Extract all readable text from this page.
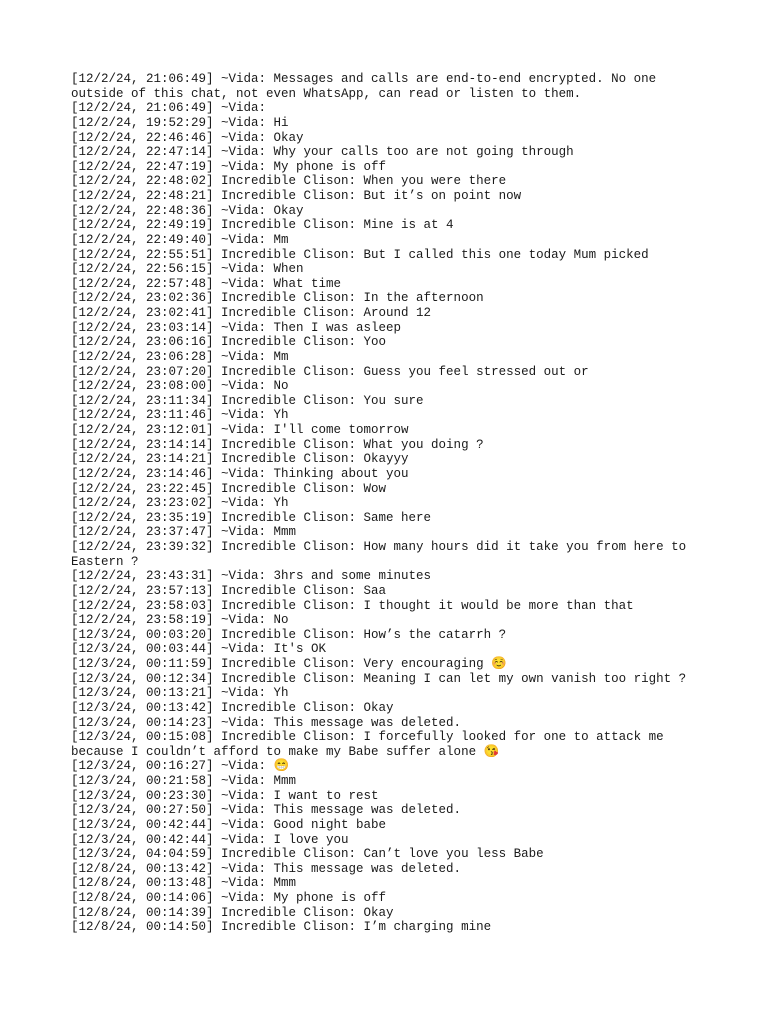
[12/2/24, 21:06:49] ~Vida: Messages and calls are end-to-end encrypted. No one outside of this chat, not even WhatsApp, can read or listen to them.
[12/2/24, 21:06:49] ~Vida:
[12/2/24, 19:52:29] ~Vida: Hi
[12/2/24, 22:46:46] ~Vida: Okay
[12/2/24, 22:47:14] ~Vida: Why your calls too are not going through
[12/2/24, 22:47:19] ~Vida: My phone is off
[12/2/24, 22:48:02] Incredible Clison: When you were there
[12/2/24, 22:48:21] Incredible Clison: But it’s on point now
[12/2/24, 22:48:36] ~Vida: Okay
[12/2/24, 22:49:19] Incredible Clison: Mine is at 4
[12/2/24, 22:49:40] ~Vida: Mm
[12/2/24, 22:55:51] Incredible Clison: But I called this one today Mum picked
[12/2/24, 22:56:15] ~Vida: When
[12/2/24, 22:57:48] ~Vida: What time
[12/2/24, 23:02:36] Incredible Clison: In the afternoon
[12/2/24, 23:02:41] Incredible Clison: Around 12
[12/2/24, 23:03:14] ~Vida: Then I was asleep
[12/2/24, 23:06:16] Incredible Clison: Yoo
[12/2/24, 23:06:28] ~Vida: Mm
[12/2/24, 23:07:20] Incredible Clison: Guess you feel stressed out or
[12/2/24, 23:08:00] ~Vida: No
[12/2/24, 23:11:34] Incredible Clison: You sure
[12/2/24, 23:11:46] ~Vida: Yh
[12/2/24, 23:12:01] ~Vida: I'll come tomorrow
[12/2/24, 23:14:14] Incredible Clison: What you doing ?
[12/2/24, 23:14:21] Incredible Clison: Okayyy
[12/2/24, 23:14:46] ~Vida: Thinking about you
[12/2/24, 23:22:45] Incredible Clison: Wow
[12/2/24, 23:23:02] ~Vida: Yh
[12/2/24, 23:35:19] Incredible Clison: Same here
[12/2/24, 23:37:47] ~Vida: Mmm
[12/2/24, 23:39:32] Incredible Clison: How many hours did it take you from here to Eastern ?
[12/2/24, 23:43:31] ~Vida: 3hrs and some minutes
[12/2/24, 23:57:13] Incredible Clison: Saa
[12/2/24, 23:58:03] Incredible Clison: I thought it would be more than that
[12/2/24, 23:58:19] ~Vida: No
[12/3/24, 00:03:20] Incredible Clison: How’s the catarrh ?
[12/3/24, 00:03:44] ~Vida: It's OK
[12/3/24, 00:11:59] Incredible Clison: Very encouraging ☺️
[12/3/24, 00:12:34] Incredible Clison: Meaning I can let my own vanish too right ?
[12/3/24, 00:13:21] ~Vida: Yh
[12/3/24, 00:13:42] Incredible Clison: Okay
[12/3/24, 00:14:23] ~Vida: This message was deleted.
[12/3/24, 00:15:08] Incredible Clison: I forcefully looked for one to attack me because I couldn’t afford to make my Babe suffer alone 😘
[12/3/24, 00:16:27] ~Vida: 😁
[12/3/24, 00:21:58] ~Vida: Mmm
[12/3/24, 00:23:30] ~Vida: I want to rest
[12/3/24, 00:27:50] ~Vida: This message was deleted.
[12/3/24, 00:42:44] ~Vida: Good night babe
[12/3/24, 00:42:44] ~Vida: I love you
[12/3/24, 04:04:59] Incredible Clison: Can’t love you less Babe
[12/8/24, 00:13:42] ~Vida: This message was deleted.
[12/8/24, 00:13:48] ~Vida: Mmm
[12/8/24, 00:14:06] ~Vida: My phone is off
[12/8/24, 00:14:39] Incredible Clison: Okay
[12/8/24, 00:14:50] Incredible Clison: I’m charging mine
